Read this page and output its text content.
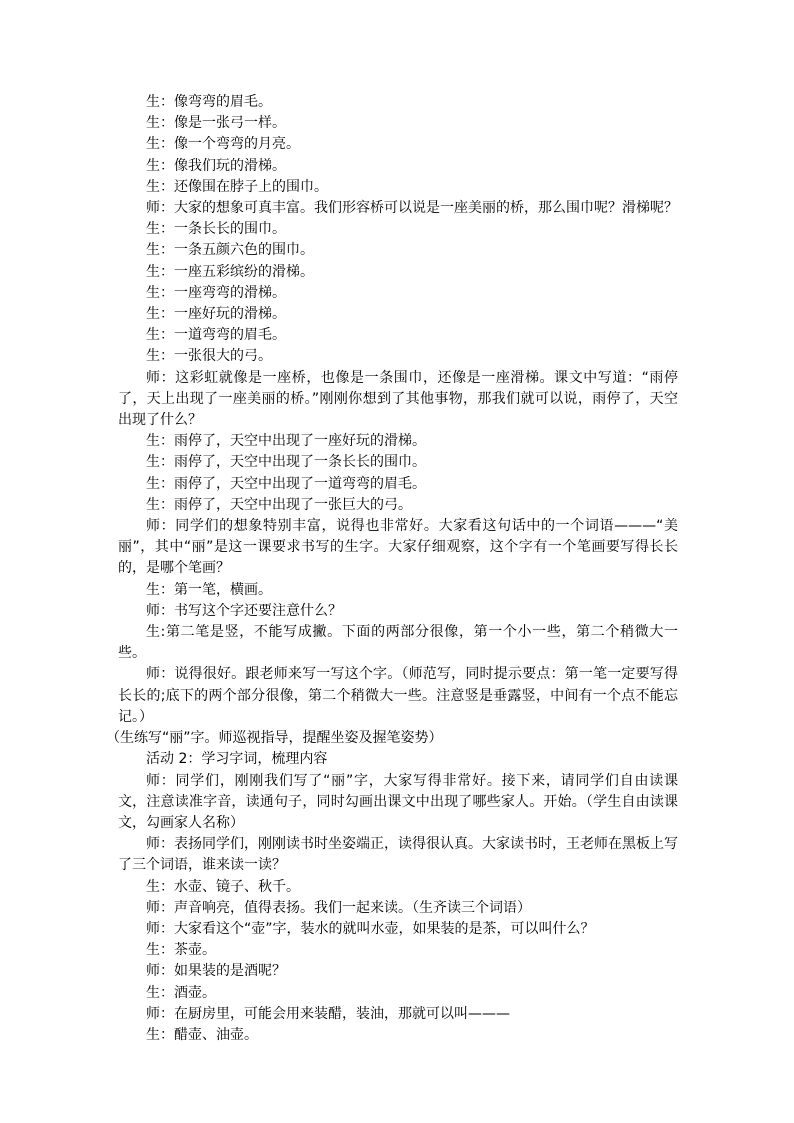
生：像弯弯的眉毛。

生：像是一张弓一样。

生：像一个弯弯的月亮。

生：像我们玩的滑梯。

生：还像围在脖子上的围巾。

师：大家的想象可真丰富。我们形容桥可以说是一座美丽的桥，那么围巾呢？滑梯呢？

生：一条长长的围巾。

生：一条五颜六色的围巾。

生：一座五彩缤纷的滑梯。

生：一座弯弯的滑梯。

生：一座好玩的滑梯。

生：一道弯弯的眉毛。

生：一张很大的弓。

师：这彩虹就像是一座桥，也像是一条围巾，还像是一座滑梯。课文中写道：“雨停了，天上出现了一座美丽的桥。”刚刚你想到了其他事物，那我们就可以说，雨停了，天空出现了什么？

生：雨停了，天空中出现了一座好玩的滑梯。

生：雨停了，天空中出现了一条长长的围巾。

生：雨停了，天空中出现了一道弯弯的眉毛。

生：雨停了，天空中出现了一张巨大的弓。

师：同学们的想象特别丰富，说得也非常好。大家看这句话中的一个词语———“美丽”，其中“丽”是这一课要求书写的生字。大家仔细观察，这个字有一个笔画要写得长长的，是哪个笔画？

生：第一笔，横画。

师：书写这个字还要注意什么？

生:第二笔是竖，不能写成撇。下面的两部分很像，第一个小一些，第二个稍微大一些。

师：说得很好。跟老师来写一写这个字。（师范写，同时提示要点：第一笔一定要写得长长的;底下的两个部分很像，第二个稍微大一些。注意竖是垂露竖，中间有一个点不能忘记。）

（生练写“丽”字。师巡视指导，提醒坐姿及握笔姿势）

活动 2：学习字词，梳理内容

师：同学们，刚刚我们写了“丽”字，大家写得非常好。接下来，请同学们自由读课文，注意读准字音，读通句子，同时勾画出课文中出现了哪些家人。开始。（学生自由读课文，勾画家人名称）

师：表扬同学们，刚刚读书时坐姿端正，读得很认真。大家读书时，王老师在黑板上写了三个词语，谁来读一读？

生：水壶、镜子、秋千。

师：声音响亮，值得表扬。我们一起来读。（生齐读三个词语）

师：大家看这个“壶”字，装水的就叫水壶，如果装的是茶，可以叫什么？

生：茶壶。

师：如果装的是酒呢？

生：酒壶。

师：在厨房里，可能会用来装醋，装油，那就可以叫———

生：醋壶、油壶。
